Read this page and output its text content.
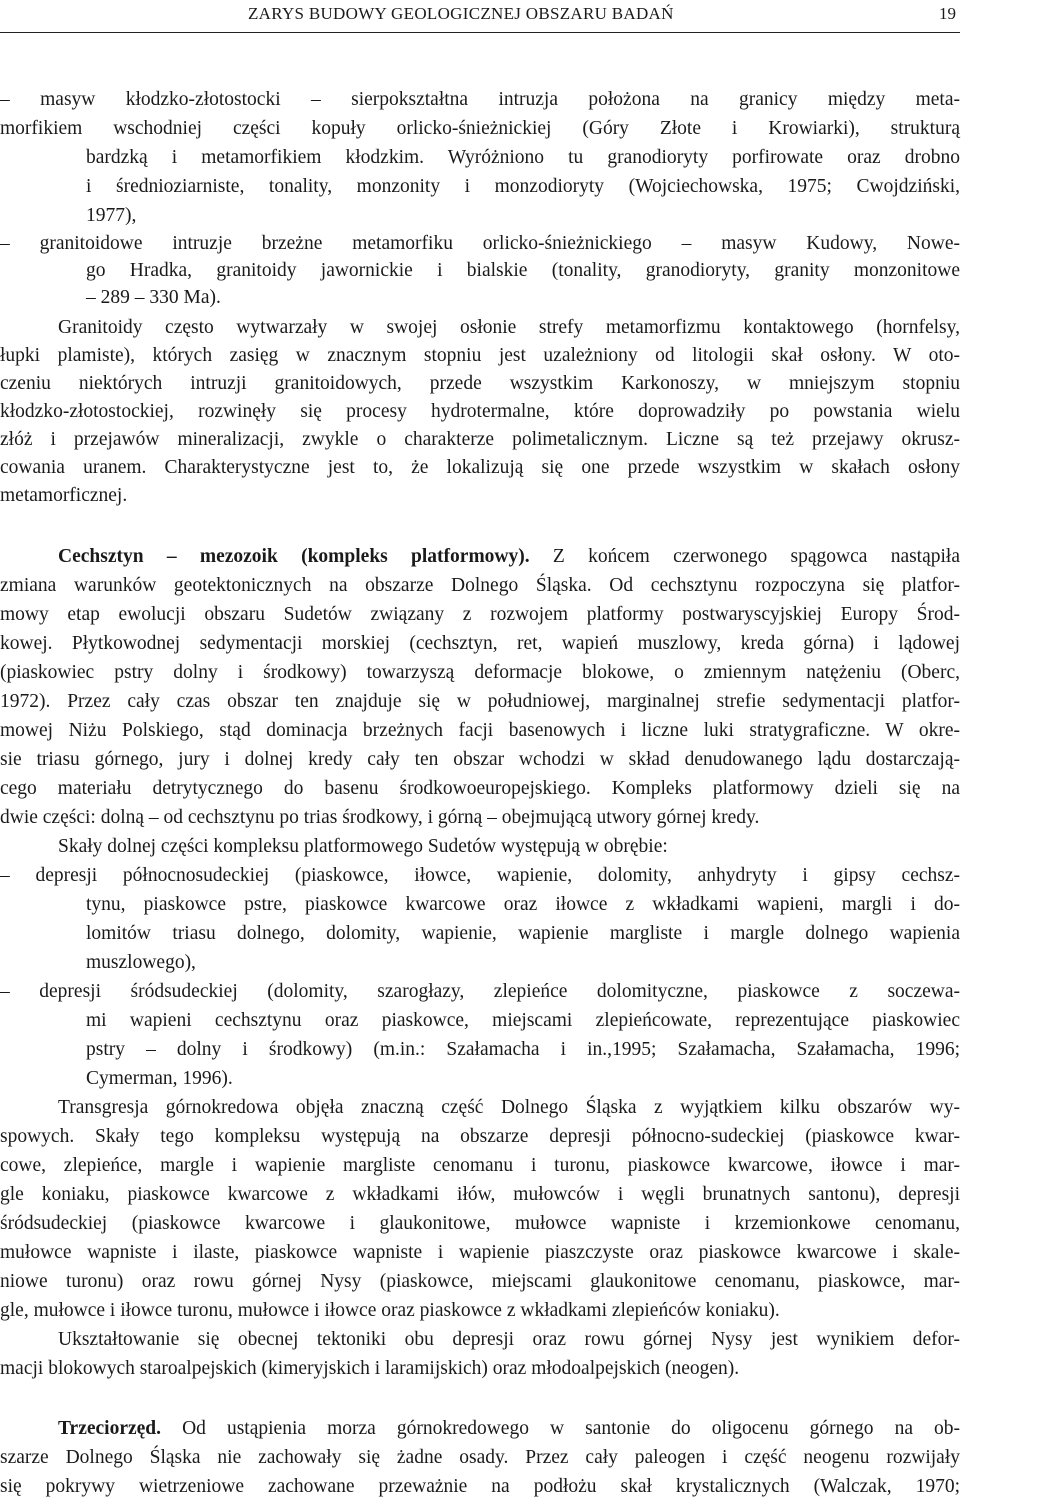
ZARYS BUDOWY GEOLOGICZNEJ OBSZARU BADAŃ	19
– masyw kłodzko-złotostocki – sierpokształtna intruzja położona na granicy między meta-
morfikiem wschodniej części kopuły orlicko-śnieżnickiej (Góry Złote i Krowiarki), strukturą
bardzką i metamorfikiem kłodzkim. Wyróżniono tu granodioryty porfirowate oraz drobno
i średnioziarniste, tonality, monzonity i monzodioryty (Wojciechowska, 1975; Cwojdziński,
1977),
– granitoidowe intruzje brzeżne metamorfiku orlicko-śnieżnickiego – masyw Kudowy, Nowe-
go Hradka, granitoidy jawornickie i bialskie (tonality, granodioryty, granity monzonitowe
– 289 – 330 Ma).
Granitoidy często wytwarzały w swojej osłonie strefy metamorfizmu kontaktowego (hornfelsy,
łupki plamiste), których zasięg w znacznym stopniu jest uzależniony od litologii skał osłony. W oto-
czeniu niektórych intruzji granitoidowych, przede wszystkim Karkonoszy, w mniejszym stopniu
kłodzko-złotostockiej, rozwinęły się procesy hydrotermalne, które doprowadziły po powstania wielu
złóż i przejawów mineralizacji, zwykle o charakterze polimetalicznym. Liczne są też przejawy okrusz-
cowania uranem. Charakterystyczne jest to, że lokalizują się one przede wszystkim w skałach osłony
metamorficznej.
Cechsztyn – mezozoik (kompleks platformowy). Z końcem czerwonego spągowca nastąpiła
zmiana warunków geotektonicznych na obszarze Dolnego Śląska. Od cechsztynu rozpoczyna się platfor-
mowy etap ewolucji obszaru Sudetów związany z rozwojem platformy postwaryscyjskiej Europy Środ-
kowej. Płytkowodnej sedymentacji morskiej (cechsztyn, ret, wapień muszlowy, kreda górna) i lądowej
(piaskowiec pstry dolny i środkowy) towarzyszą deformacje blokowe, o zmiennym natężeniu (Oberc,
1972). Przez cały czas obszar ten znajduje się w południowej, marginalnej strefie sedymentacji platfor-
mowej Niżu Polskiego, stąd dominacja brzeżnych facji basenowych i liczne luki stratygraficzne. W okre-
sie triasu górnego, jury i dolnej kredy cały ten obszar wchodzi w skład denudowanego lądu dostarczają-
cego materiału detrytycznego do basenu środkowoeuropejskiego. Kompleks platformowy dzieli się na
dwie części: dolną – od cechsztynu po trias środkowy, i górną – obejmującą utwory górnej kredy.
Skały dolnej części kompleksu platformowego Sudetów występują w obrębie:
– depresji północnosudeckiej (piaskowce, iłowce, wapienie, dolomity, anhydryty i gipsy cechsz-
tynu, piaskowce pstre, piaskowce kwarcowe oraz iłowce z wkładkami wapieni, margli i do-
lomitów triasu dolnego, dolomity, wapienie, wapienie margliste i margle dolnego wapienia
muszlowego),
– depresji śródsudeckiej (dolomity, szarogłazy, zlepieńce dolomityczne, piaskowce z soczewa-
mi wapieni cechsztynu oraz piaskowce, miejscami zlepieńcowate, reprezentujące piaskowiec
pstry – dolny i środkowy) (m.in.: Szałamacha i in.,1995; Szałamacha, Szałamacha, 1996;
Cymerman, 1996).
Transgresja górnokredowa objęła znaczną część Dolnego Śląska z wyjątkiem kilku obszarów wy-
spowych. Skały tego kompleksu występują na obszarze depresji północno-sudeckiej (piaskowce kwar-
cowe, zlepieńce, margle i wapienie margliste cenomanu i turonu, piaskowce kwarcowe, iłowce i mar-
gle koniaku, piaskowce kwarcowe z wkładkami iłów, mułowców i węgli brunatnych santonu), depresji
śródsudeckiej (piaskowce kwarcowe i glaukonitowe, mułowce wapniste i krzemionkowe cenomanu,
mułowce wapniste i ilaste, piaskowce wapniste i wapienie piaszczyste oraz piaskowce kwarcowe i skale-
niowe turonu) oraz rowu górnej Nysy (piaskowce, miejscami glaukonitowe cenomanu, piaskowce, mar-
gle, mułowce i iłowce turonu, mułowce i iłowce oraz piaskowce z wkładkami zlepieńców koniaku).
Ukształtowanie się obecnej tektoniki obu depresji oraz rowu górnej Nysy jest wynikiem defor-
macji blokowych staroalpejskich (kimeryjskich i laramijskich) oraz młodoalpejskich (neogen).
Trzeciorzęd. Od ustąpienia morza górnokredowego w santonie do oligocenu górnego na ob-
szarze Dolnego Śląska nie zachowały się żadne osady. Przez cały paleogen i część neogenu rozwijały
się pokrywy wietrzeniowe zachowane przeważnie na podłożu skał krystalicznych (Walczak, 1970;
